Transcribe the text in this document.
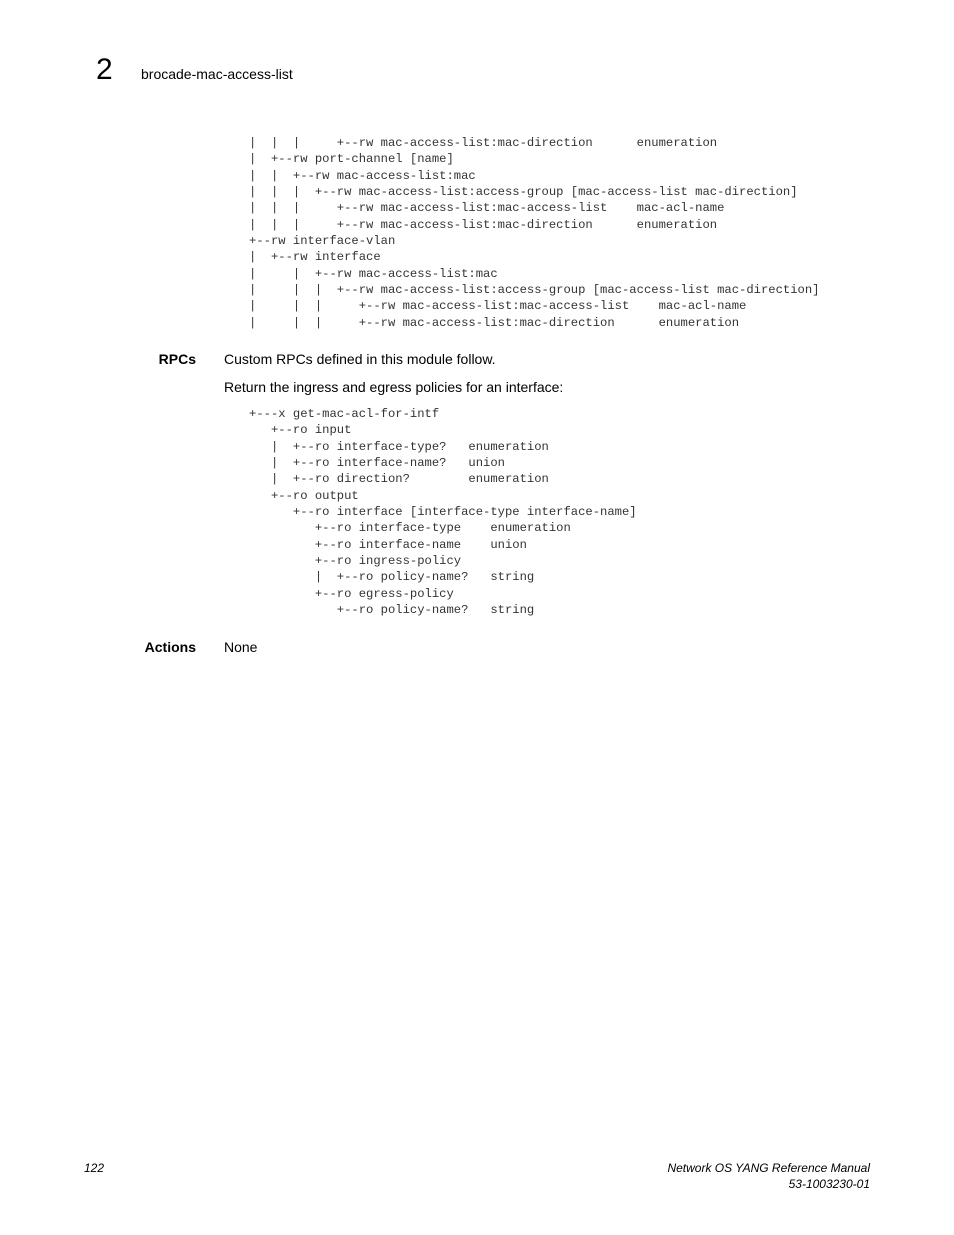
2 brocade-mac-access-list
|  |  |     +--rw mac-access-list:mac-direction      enumeration
|  +--rw port-channel [name]
|  |  +--rw mac-access-list:mac
|  |  |  +--rw mac-access-list:access-group [mac-access-list mac-direction]
|  |  |     +--rw mac-access-list:mac-access-list    mac-acl-name
|  |  |     +--rw mac-access-list:mac-direction      enumeration
+--rw interface-vlan
|  +--rw interface
|     |  +--rw mac-access-list:mac
|     |  |  +--rw mac-access-list:access-group [mac-access-list mac-direction]
|     |  |     +--rw mac-access-list:mac-access-list    mac-acl-name
|     |  |     +--rw mac-access-list:mac-direction      enumeration
RPCs Custom RPCs defined in this module follow.
Return the ingress and egress policies for an interface:
+---x get-mac-acl-for-intf
+--ro input
|  +--ro interface-type?   enumeration
|  +--ro interface-name?   union
|  +--ro direction?        enumeration
+--ro output
+--ro interface [interface-type interface-name]
+--ro interface-type    enumeration
+--ro interface-name    union
+--ro ingress-policy
|  +--ro policy-name?   string
+--ro egress-policy
+--ro policy-name?   string
Actions None
122	Network OS YANG Reference Manual
53-1003230-01
